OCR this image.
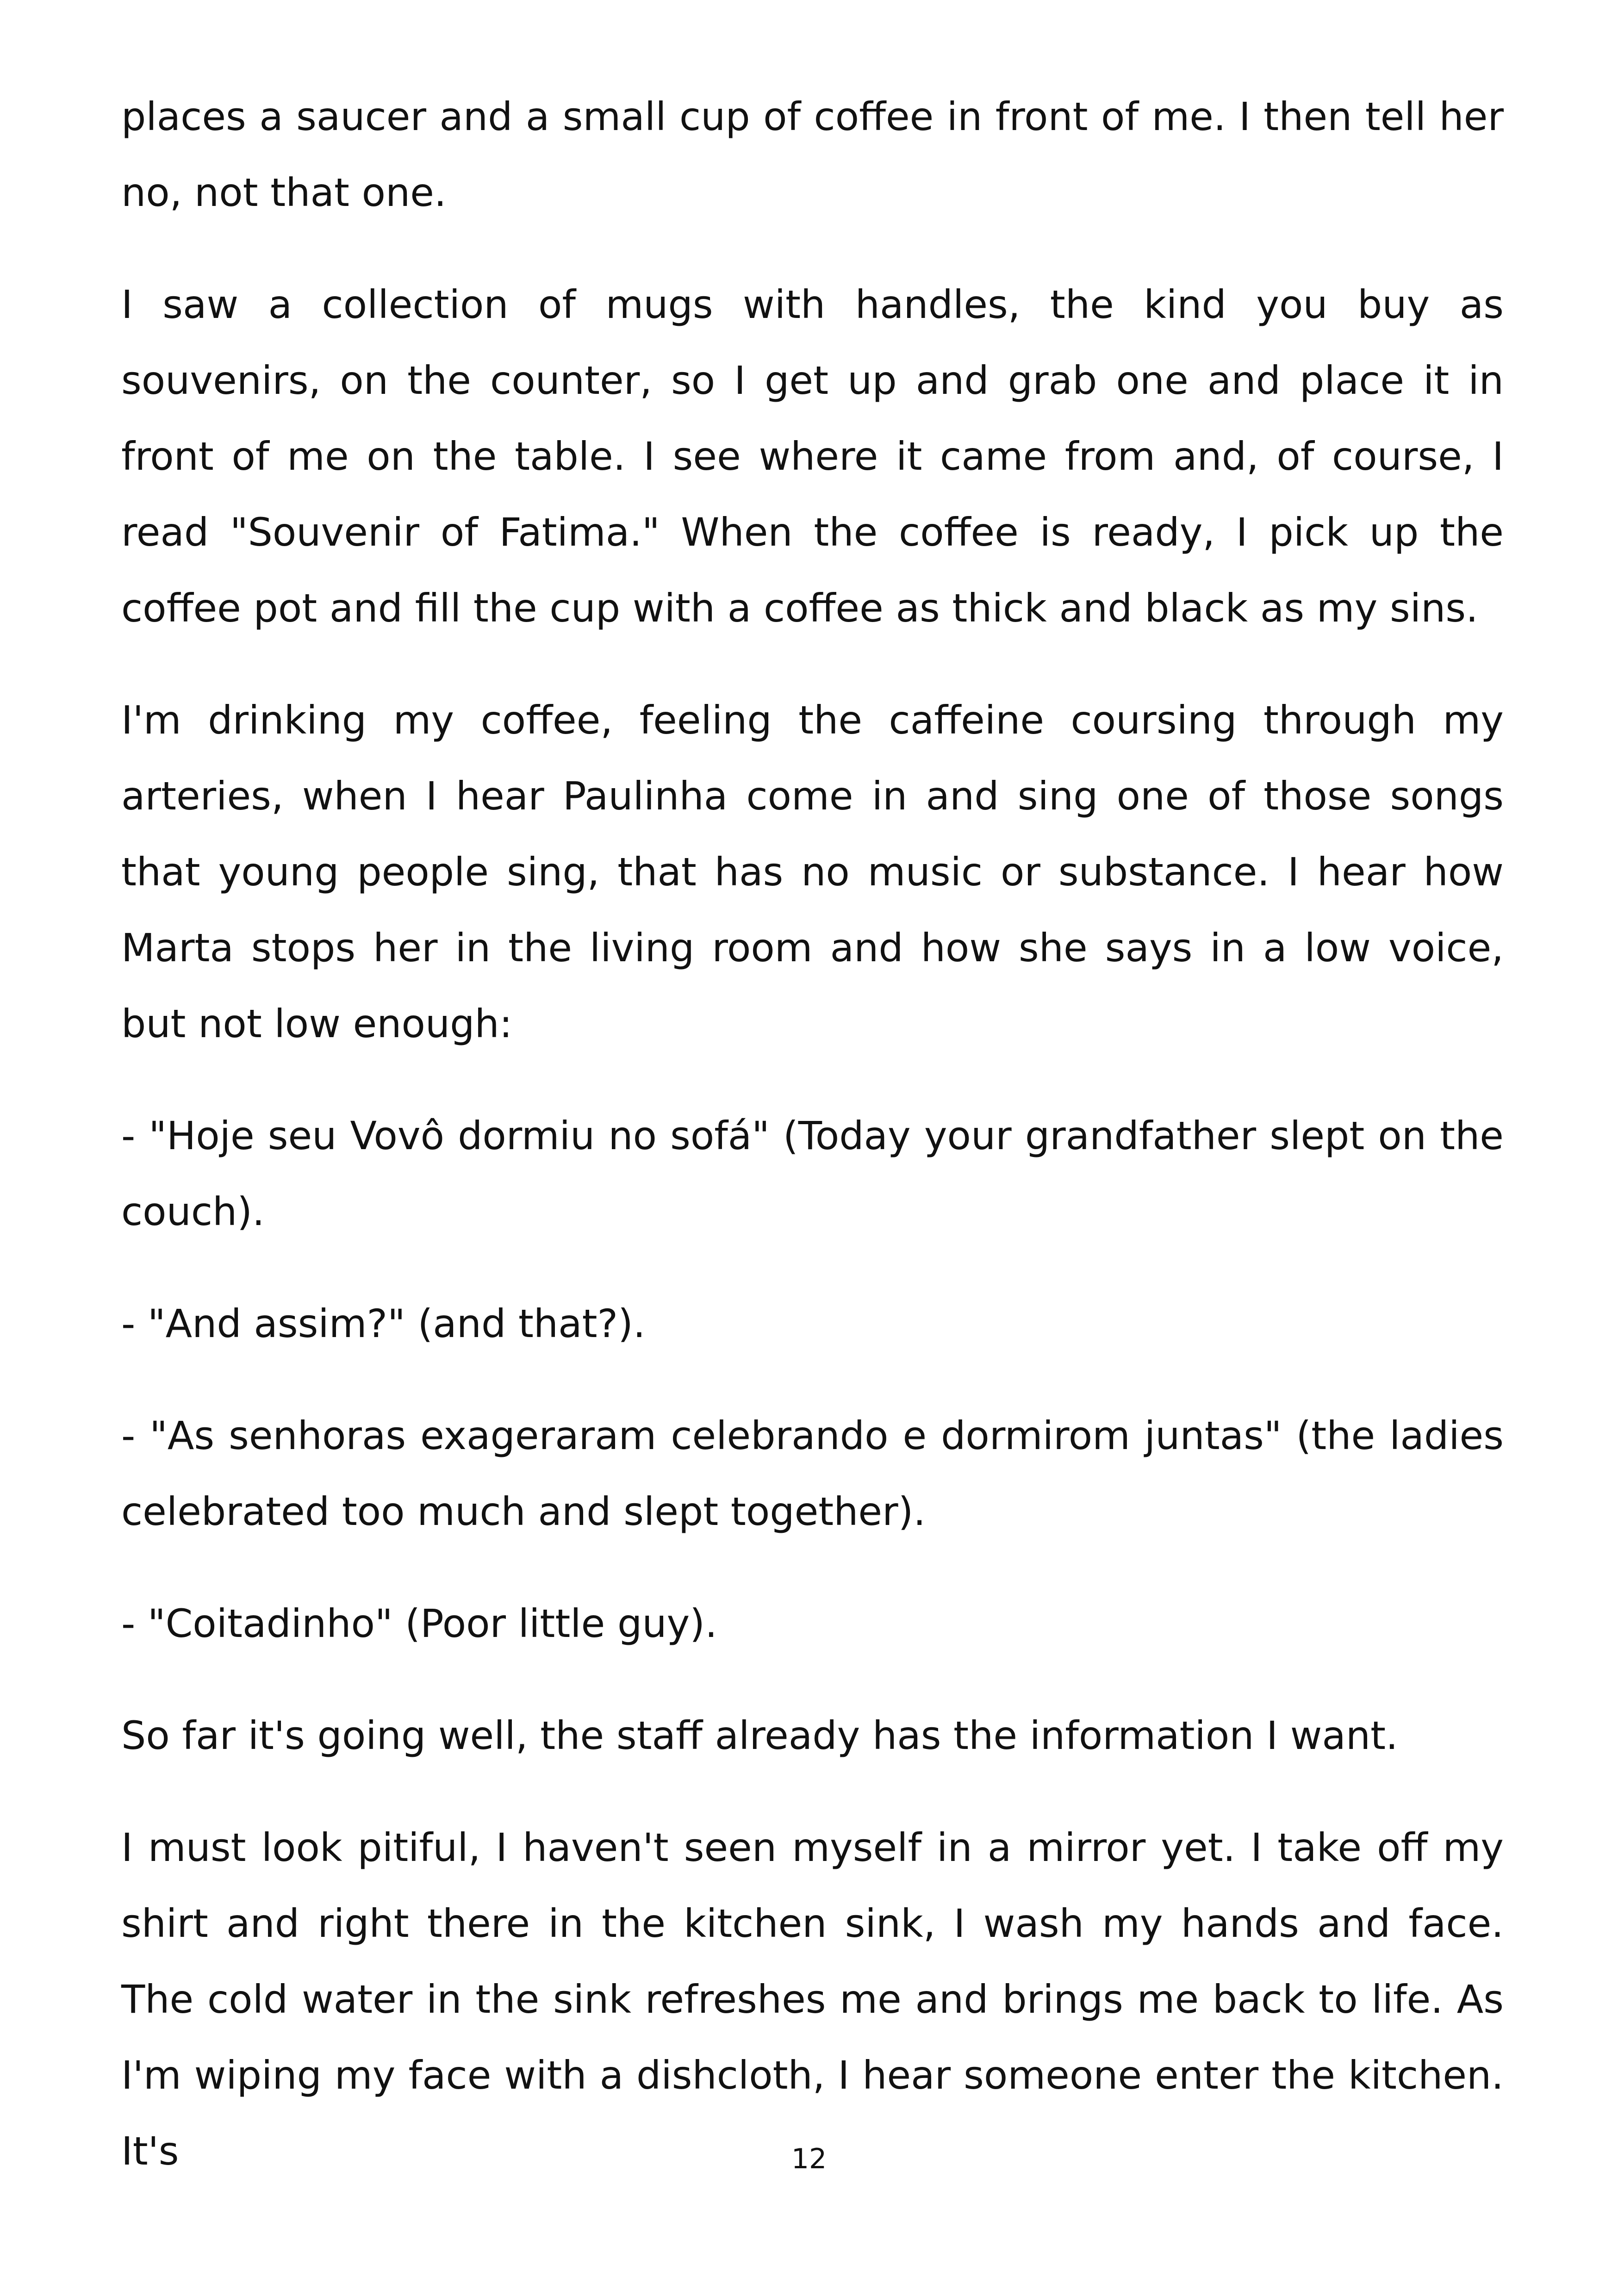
places a saucer and a small cup of coffee in front of me. I then tell her no, not that one.

I saw a collection of mugs with handles, the kind you buy as souvenirs, on the counter, so I get up and grab one and place it in front of me on the table. I see where it came from and, of course, I read "Souvenir of Fatima." When the coffee is ready, I pick up the coffee pot and fill the cup with a coffee as thick and black as my sins.

I'm drinking my coffee, feeling the caffeine coursing through my arteries, when I hear Paulinha come in and sing one of those songs that young people sing, that has no music or substance. I hear how Marta stops her in the living room and how she says in a low voice, but not low enough:

- "Hoje seu Vovô dormiu no sofá" (Today your grandfather slept on the couch).

- "And assim?" (and that?).

- "As senhoras exageraram celebrando e dormirom juntas" (the ladies celebrated too much and slept together).

- "Coitadinho" (Poor little guy).

So far it's going well, the staff already has the information I want.

I must look pitiful, I haven't seen myself in a mirror yet. I take off my shirt and right there in the kitchen sink, I wash my hands and face. The cold water in the sink refreshes me and brings me back to life. As I'm wiping my face with a dishcloth, I hear someone enter the kitchen. It's	12
